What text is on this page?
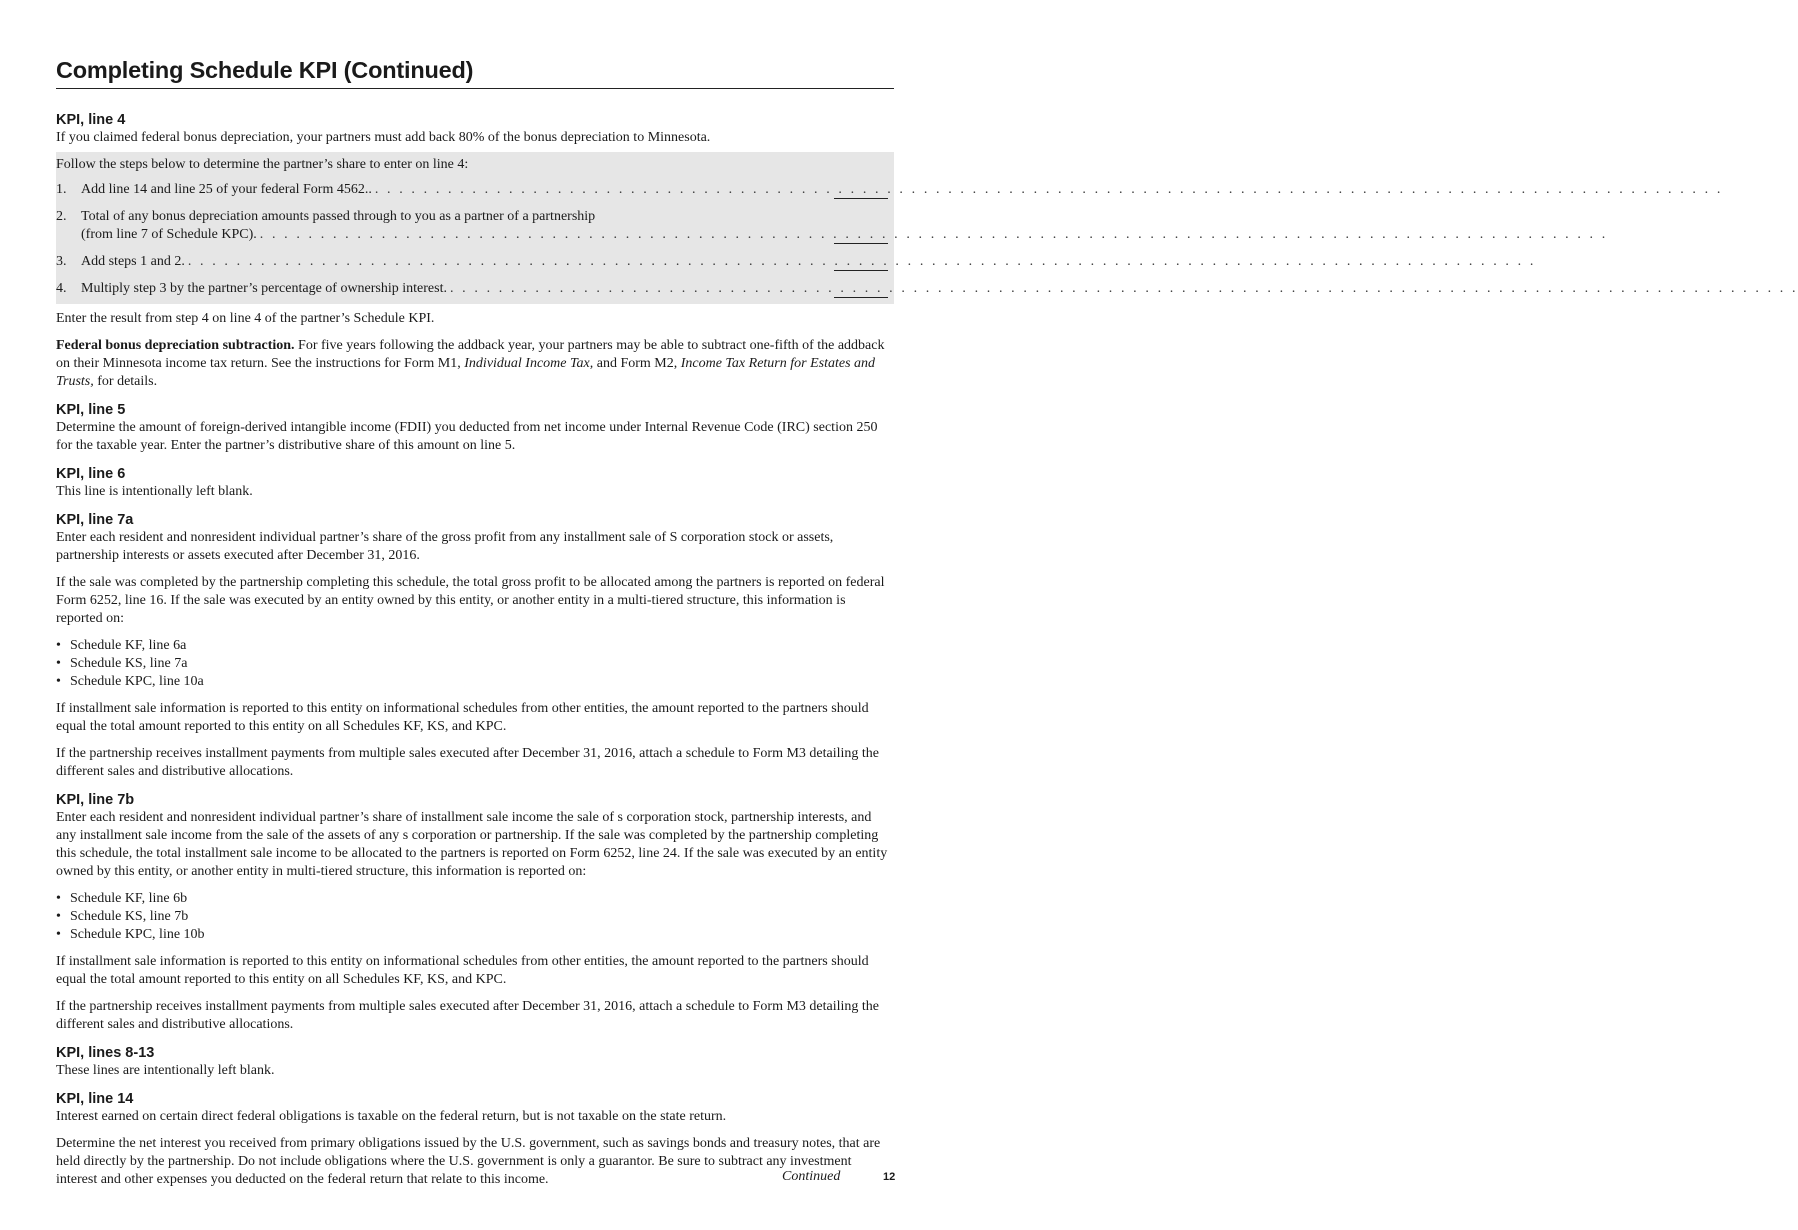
Completing Schedule KPI (Continued)
KPI, line 4

If you claimed federal bonus depreciation, your partners must add back 80% of the bonus depreciation to Minnesota.

Follow the steps below to determine the partner’s share to enter on line 4:

1.	Add line 14 and line 25 of your federal Form 4562.. . . . . . . . . . . . . . . . . . . . . . . . . . . . . . . . . . . . . . . . . . . . . . . . . . . . . . . . . . . . . . . . . . . . . . . . . . . . . . . . . . . . . . . . . . . . . . . . . . . . . . . . . . . . . . . .
2.	Total of any bonus depreciation amounts passed through to you as a partner of a partnership
(from line 7 of Schedule KPC). . . . . . . . . . . . . . . . . . . . . . . . . . . . . . . . . . . . . . . . . . . . . . . . . . . . . . . . . . . . . . . . . . . . . . . . . . . . . . . . . . . . . . . . . . . . . . . . . . . . . . . . . . . . . . . .
3.	Add steps 1 and 2. . . . . . . . . . . . . . . . . . . . . . . . . . . . . . . . . . . . . . . . . . . . . . . . . . . . . . . . . . . . . . . . . . . . . . . . . . . . . . . . . . . . . . . . . . . . . . . . . . . . . . . . . . . . . . . .
4.	Multiply step 3 by the partner’s percentage of ownership interest. . . . . . . . . . . . . . . . . . . . . . . . . . . . . . . . . . . . . . . . . . . . . . . . . . . . . . . . . . . . . . . . . . . . . . . . . . . . . . . . . . . . . . . . . . . . . . . . . . . . . . . . . . . . . . . .

Enter the result from step 4 on line 4 of the partner’s Schedule KPI.

Federal bonus depreciation subtraction. For five years following the addback year, your partners may be able to subtract one-fifth of the addback on their Minnesota income tax return. See the instructions for Form M1, Individual Income Tax, and Form M2, Income Tax Return for Estates and Trusts, for details.

KPI, line 5

Determine the amount of foreign-derived intangible income (FDII) you deducted from net income under Internal Revenue Code (IRC) section 250 for the taxable year. Enter the partner’s distributive share of this amount on line 5.

KPI, line 6

This line is intentionally left blank.

KPI, line 7a

Enter each resident and nonresident individual partner’s share of the gross profit from any installment sale of S corporation stock or assets, partnership interests or assets executed after December 31, 2016.

If the sale was completed by the partnership completing this schedule, the total gross profit to be allocated among the partners is reported on federal Form 6252, line 16. If the sale was executed by an entity owned by this entity, or another entity in a multi-tiered structure, this information is reported on:

• Schedule KF, line 6a
• Schedule KS, line 7a
• Schedule KPC, line 10a

If installment sale information is reported to this entity on informational schedules from other entities, the amount reported to the partners should equal the total amount reported to this entity on all Schedules KF, KS, and KPC.

If the partnership receives installment payments from multiple sales executed after December 31, 2016, attach a schedule to Form M3 detailing the different sales and distributive allocations.

KPI, line 7b

Enter each resident and nonresident individual partner’s share of installment sale income the sale of s corporation stock, partnership interests, and any installment sale income from the sale of the assets of any s corporation or partnership. If the sale was completed by the partnership completing this schedule, the total installment sale income to be allocated to the partners is reported on Form 6252, line 24. If the sale was executed by an entity owned by this entity, or another entity in multi-tiered structure, this information is reported on:

• Schedule KF, line 6b
• Schedule KS, line 7b
• Schedule KPC, line 10b

If installment sale information is reported to this entity on informational schedules from other entities, the amount reported to the partners should equal the total amount reported to this entity on all Schedules KF, KS, and KPC.

If the partnership receives installment payments from multiple sales executed after December 31, 2016, attach a schedule to Form M3 detailing the different sales and distributive allocations.

KPI, lines 8-13

These lines are intentionally left blank.

KPI, line 14

Interest earned on certain direct federal obligations is taxable on the federal return, but is not taxable on the state return.

Determine the net interest you received from primary obligations issued by the U.S. government, such as savings bonds and treasury notes, that are held directly by the partnership. Do not include obligations where the U.S. government is only a guarantor. Be sure to subtract any investment interest and other expenses you deducted on the federal return that relate to this income.	Continued	12
